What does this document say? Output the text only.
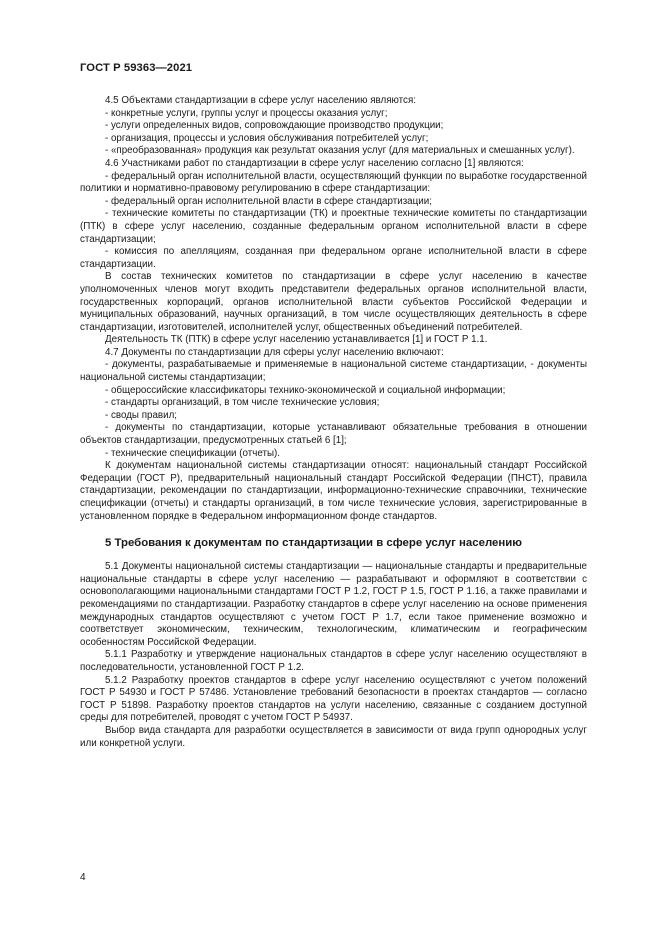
ГОСТ Р 59363—2021

4.5 Объектами стандартизации в сфере услуг населению являются:

- конкретные услуги, группы услуг и процессы оказания услуг;

- услуги определенных видов, сопровождающие производство продукции;

- организация, процессы и условия обслуживания потребителей услуг;

- «преобразованная» продукция как результат оказания услуг (для материальных и смешанных услуг).

4.6 Участниками работ по стандартизации в сфере услуг населению согласно [1] являются:

- федеральный орган исполнительной власти, осуществляющий функции по выработке государственной политики и нормативно-правовому регулированию в сфере стандартизации:

- федеральный орган исполнительной власти в сфере стандартизации;

- технические комитеты по стандартизации (ТК) и проектные технические комитеты по стандартизации (ПТК) в сфере услуг населению, созданные федеральным органом исполнительной власти в сфере стандартизации;

- комиссия по апелляциям, созданная при федеральном органе исполнительной власти в сфере стандартизации.

В состав технических комитетов по стандартизации в сфере услуг населению в качестве уполномоченных членов могут входить представители федеральных органов исполнительной власти, государственных корпораций, органов исполнительной власти субъектов Российской Федерации и муниципальных образований, научных организаций, в том числе осуществляющих деятельность в сфере стандартизации, изготовителей, исполнителей услуг, общественных объединений потребителей.

Деятельность ТК (ПТК) в сфере услуг населению устанавливается [1] и ГОСТ Р 1.1.

4.7 Документы по стандартизации для сферы услуг населению включают:

- документы, разрабатываемые и применяемые в национальной системе стандартизации, - документы национальной системы стандартизации;

- общероссийские классификаторы технико-экономической и социальной информации;

- стандарты организаций, в том числе технические условия;

- своды правил;

- документы по стандартизации, которые устанавливают обязательные требования в отношении объектов стандартизации, предусмотренных статьей 6 [1];

- технические спецификации (отчеты).

К документам национальной системы стандартизации относят: национальный стандарт Российской Федерации (ГОСТ Р), предварительный национальный стандарт Российской Федерации (ПНСТ), правила стандартизации, рекомендации по стандартизации, информационно-технические справочники, технические спецификации (отчеты) и стандарты организаций, в том числе технические условия, зарегистрированные в установленном порядке в Федеральном информационном фонде стандартов.

5 Требования к документам по стандартизации в сфере услуг населению

5.1 Документы национальной системы стандартизации — национальные стандарты и предварительные национальные стандарты в сфере услуг населению — разрабатывают и оформляют в соответствии с основополагающими национальными стандартами ГОСТ Р 1.2, ГОСТ Р 1.5, ГОСТ Р 1.16, а также правилами и рекомендациями по стандартизации. Разработку стандартов в сфере услуг населению на основе применения международных стандартов осуществляют с учетом ГОСТ Р 1.7, если такое применение возможно и соответствует экономическим, техническим, технологическим, климатическим и географическим особенностям Российской Федерации.

5.1.1 Разработку и утверждение национальных стандартов в сфере услуг населению осуществляют в последовательности, установленной ГОСТ Р 1.2.

5.1.2 Разработку проектов стандартов в сфере услуг населению осуществляют с учетом положений ГОСТ Р 54930 и ГОСТ Р 57486. Установление требований безопасности в проектах стандартов — согласно ГОСТ Р 51898. Разработку проектов стандартов на услуги населению, связанные с созданием доступной среды для потребителей, проводят с учетом ГОСТ Р 54937.

Выбор вида стандарта для разработки осуществляется в зависимости от вида групп однородных услуг или конкретной услуги.

4
